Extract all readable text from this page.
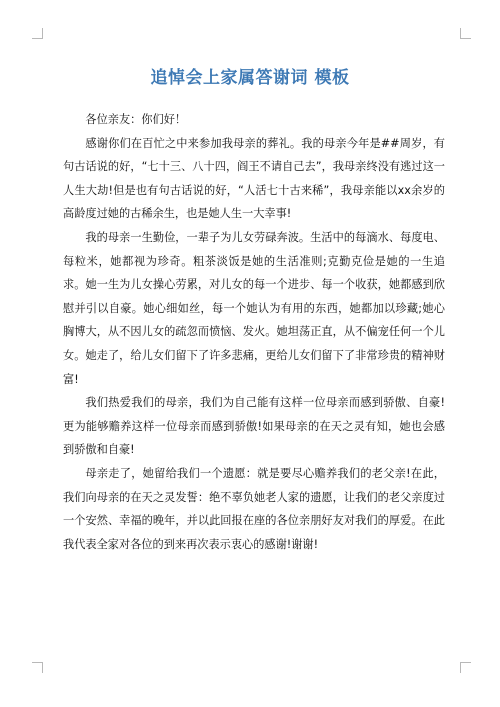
追悼会上家属答谢词 模板

各位亲友：你们好！

感谢你们在百忙之中来参加我母亲的葬礼。我的母亲今年是##周岁，有句古话说的好，“七十三、八十四，阎王不请自己去”，我母亲终没有逃过这一人生大劫!但是也有句古话说的好，“人活七十古来稀”，我母亲能以xx余岁的高龄度过她的古稀余生，也是她人生一大幸事!

我的母亲一生勤俭，一辈子为儿女劳碌奔波。生活中的每滴水、每度电、每粒米，她都视为珍奇。粗茶淡饭是她的生活准则;克勤克俭是她的一生追求。她一生为儿女操心劳累，对儿女的每一个进步、每一个收获，她都感到欣慰并引以自豪。她心细如丝，每一个她认为有用的东西，她都加以珍藏;她心胸博大，从不因儿女的疏忽而愤恼、发火。她坦荡正直，从不偏宠任何一个儿女。她走了，给儿女们留下了许多悲痛，更给儿女们留下了非常珍贵的精神财富!

我们热爱我们的母亲，我们为自己能有这样一位母亲而感到骄傲、自豪!更为能够赡养这样一位母亲而感到骄傲!如果母亲的在天之灵有知，她也会感到骄傲和自豪!

母亲走了，她留给我们一个遗愿：就是要尽心赡养我们的老父亲!在此，我们向母亲的在天之灵发誓：绝不辜负她老人家的遗愿，让我们的老父亲度过一个安然、幸福的晚年，并以此回报在座的各位亲朋好友对我们的厚爱。在此我代表全家对各位的到来再次表示衷心的感谢!谢谢!
